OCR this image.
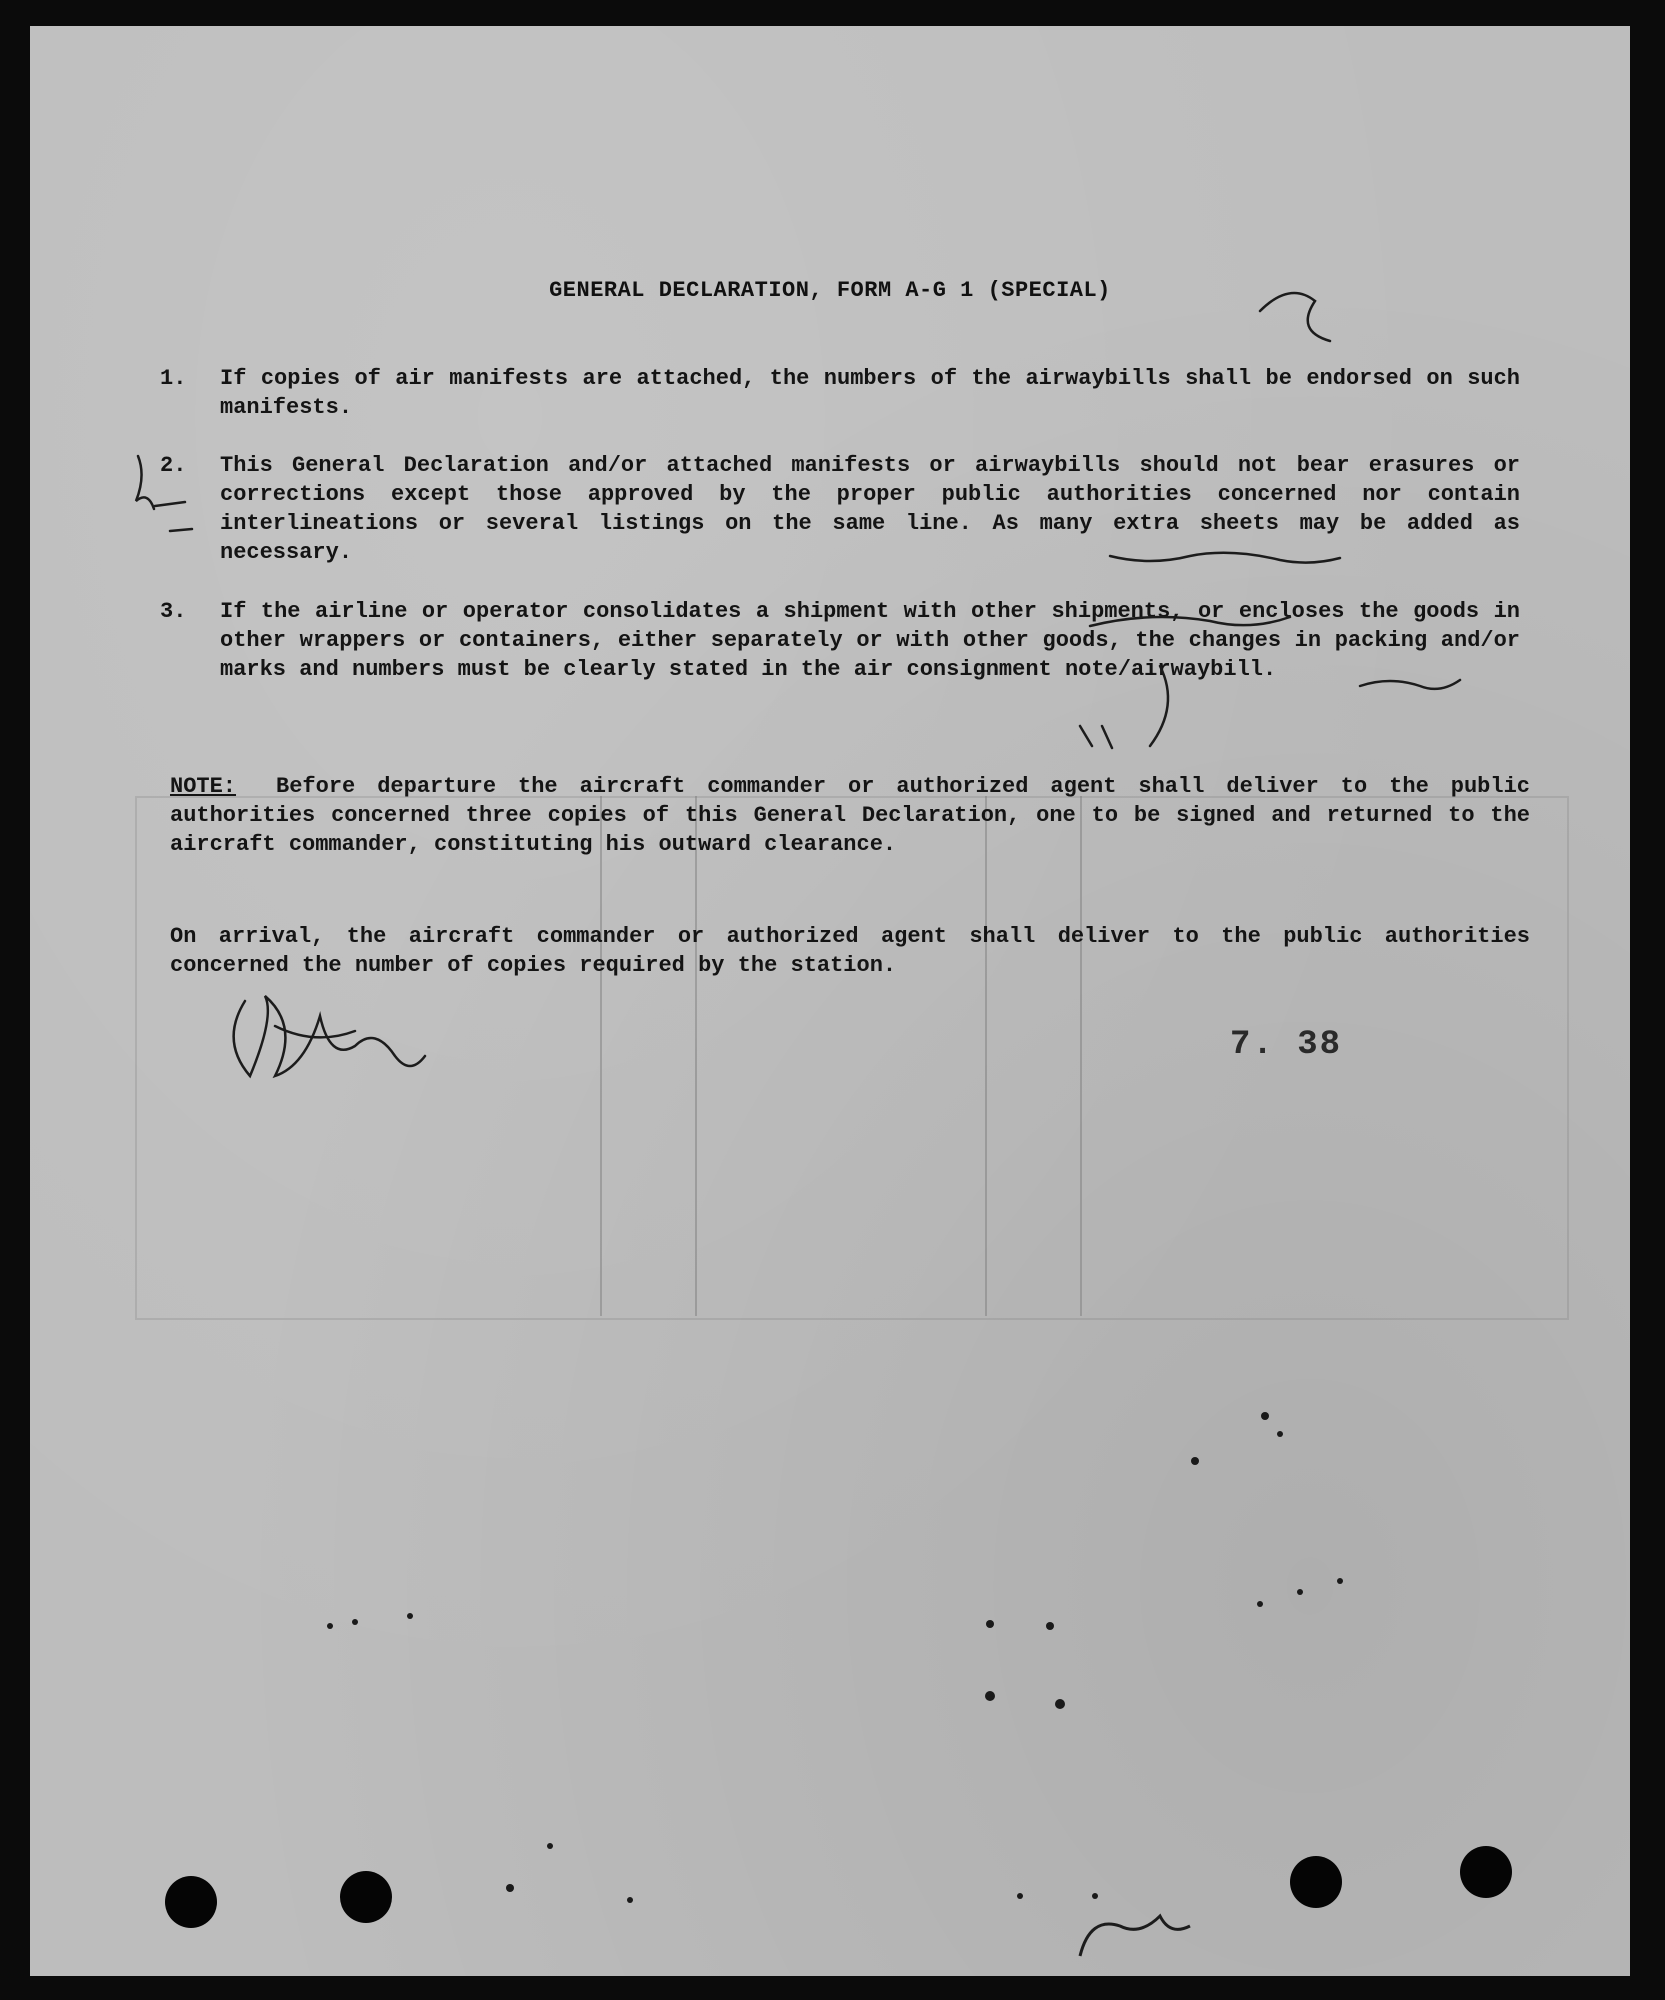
GENERAL DECLARATION, FORM A-G 1 (SPECIAL)
1.	If copies of air manifests are attached, the numbers of the airwaybills shall be endorsed on such manifests.
2.	This General Declaration and/or attached manifests or airwaybills should not bear erasures or corrections except those approved by the proper public authorities concerned nor contain interlineations or several listings on the same line. As many extra sheets may be added as necessary.
3.	If the airline or operator consolidates a shipment with other shipments, or encloses the goods in other wrappers or containers, either separately or with other goods, the changes in packing and/or marks and numbers must be clearly stated in the air consignment note/airwaybill.
NOTE: Before departure the aircraft commander or authorized agent shall deliver to the public authorities concerned three copies of this General Declaration, one to be signed and returned to the aircraft commander, constituting his outward clearance.
On arrival, the aircraft commander or authorized agent shall deliver to the public authorities concerned the number of copies required by the station.
7. 38
